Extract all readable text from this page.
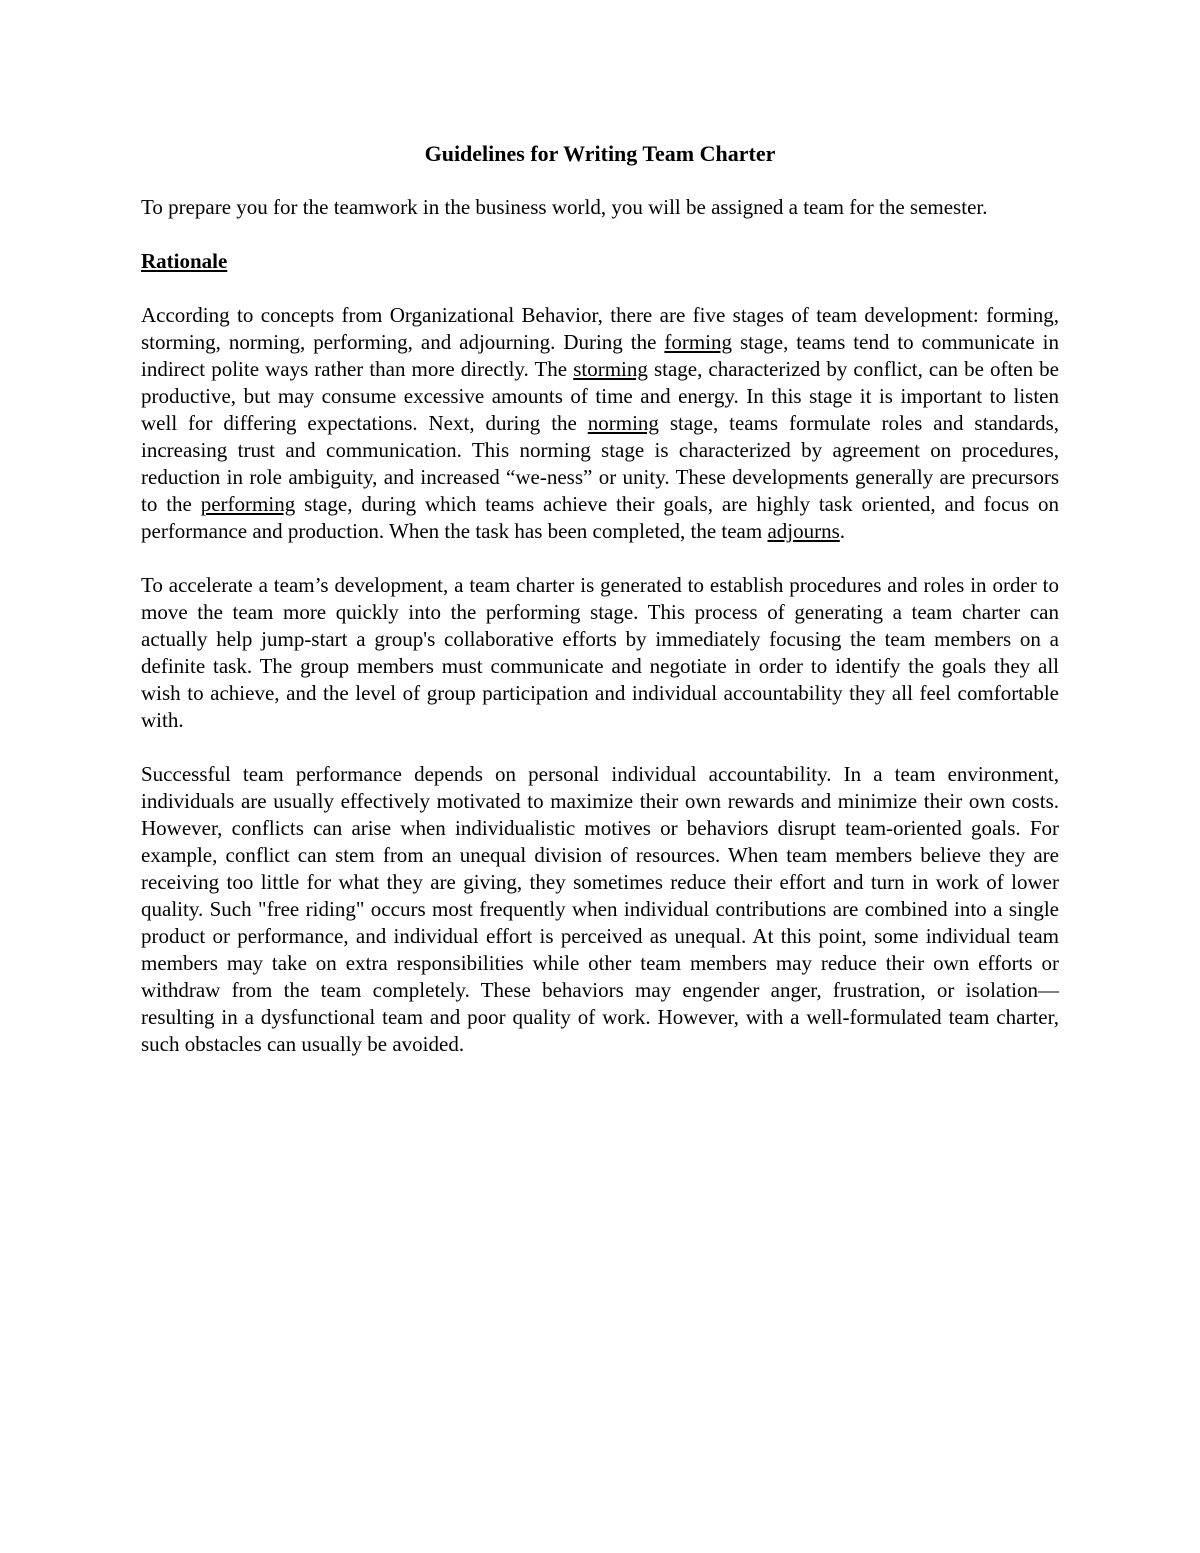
Guidelines for Writing Team Charter
To prepare you for the teamwork in the business world, you will be assigned a team for the semester.
Rationale
According to concepts from Organizational Behavior, there are five stages of team development: forming, storming, norming, performing, and adjourning. During the forming stage, teams tend to communicate in indirect polite ways rather than more directly. The storming stage, characterized by conflict, can be often be productive, but may consume excessive amounts of time and energy. In this stage it is important to listen well for differing expectations. Next, during the norming stage, teams formulate roles and standards, increasing trust and communication. This norming stage is characterized by agreement on procedures, reduction in role ambiguity, and increased “we-ness” or unity. These developments generally are precursors to the performing stage, during which teams achieve their goals, are highly task oriented, and focus on performance and production. When the task has been completed, the team adjourns.
To accelerate a team’s development, a team charter is generated to establish procedures and roles in order to move the team more quickly into the performing stage. This process of generating a team charter can actually help jump-start a group's collaborative efforts by immediately focusing the team members on a definite task. The group members must communicate and negotiate in order to identify the goals they all wish to achieve, and the level of group participation and individual accountability they all feel comfortable with.
Successful team performance depends on personal individual accountability. In a team environment, individuals are usually effectively motivated to maximize their own rewards and minimize their own costs. However, conflicts can arise when individualistic motives or behaviors disrupt team-oriented goals. For example, conflict can stem from an unequal division of resources. When team members believe they are receiving too little for what they are giving, they sometimes reduce their effort and turn in work of lower quality. Such "free riding" occurs most frequently when individual contributions are combined into a single product or performance, and individual effort is perceived as unequal. At this point, some individual team members may take on extra responsibilities while other team members may reduce their own efforts or withdraw from the team completely. These behaviors may engender anger, frustration, or isolation—resulting in a dysfunctional team and poor quality of work. However, with a well-formulated team charter, such obstacles can usually be avoided.
